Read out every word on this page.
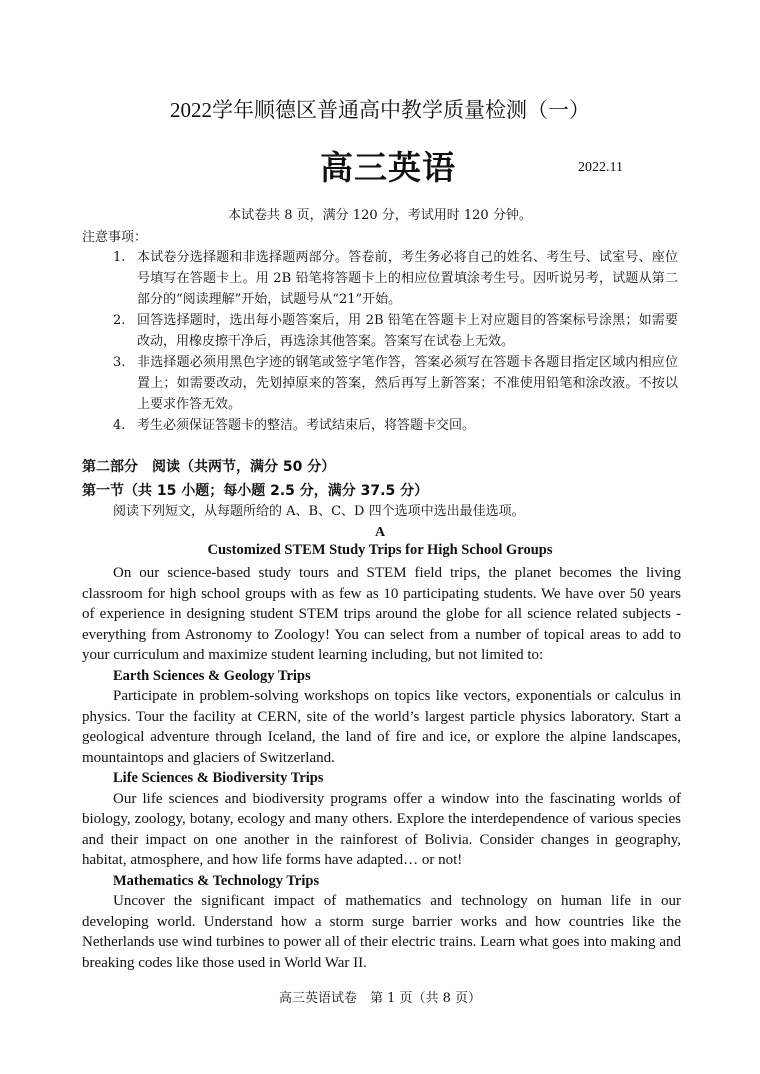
2022学年顺德区普通高中教学质量检测（一）
高三英语	2022.11
本试卷共 8 页，满分 120 分，考试用时 120 分钟。
注意事项：
1. 本试卷分选择题和非选择题两部分。答卷前，考生务必将自己的姓名、考生号、试室号、座位号填写在答题卡上。用 2B 铅笔将答题卡上的相应位置填涂考生号。因听说另考，试题从第二部分的“阅读理解”开始，试题号从“21”开始。
2. 回答选择题时，选出每小题答案后，用 2B 铅笔在答题卡上对应题目的答案标号涂黑；如需要改动，用橡皮擦干净后，再选涂其他答案。答案写在试卷上无效。
3. 非选择题必须用黑色字迹的钢笔或签字笔作答，答案必须写在答题卡各题目指定区域内相应位置上；如需要改动，先划掉原来的答案，然后再写上新答案；不准使用铅笔和涂改液。不按以上要求作答无效。
4. 考生必须保证答题卡的整洁。考试结束后，将答题卡交回。
第二部分　阅读（共两节，满分 50 分）
第一节（共 15 小题；每小题 2.5 分，满分 37.5 分）
阅读下列短文，从每题所给的 A、B、C、D 四个选项中选出最佳选项。
A
Customized STEM Study Trips for High School Groups

On our science-based study tours and STEM field trips, the planet becomes the living classroom for high school groups with as few as 10 participating students. We have over 50 years of experience in designing student STEM trips around the globe for all science related subjects - everything from Astronomy to Zoology! You can select from a number of topical areas to add to your curriculum and maximize student learning including, but not limited to:

Earth Sciences & Geology Trips

Participate in problem-solving workshops on topics like vectors, exponentials or calculus in physics. Tour the facility at CERN, site of the world’s largest particle physics laboratory. Start a geological adventure through Iceland, the land of fire and ice, or explore the alpine landscapes, mountaintops and glaciers of Switzerland.

Life Sciences & Biodiversity Trips

Our life sciences and biodiversity programs offer a window into the fascinating worlds of biology, zoology, botany, ecology and many others. Explore the interdependence of various species and their impact on one another in the rainforest of Bolivia. Consider changes in geography, habitat, atmosphere, and how life forms have adapted… or not!

Mathematics & Technology Trips

Uncover the significant impact of mathematics and technology on human life in our developing world. Understand how a storm surge barrier works and how countries like the Netherlands use wind turbines to power all of their electric trains. Learn what goes into making and breaking codes like those used in World War II.

高三英语试卷　第 1 页（共 8 页）
